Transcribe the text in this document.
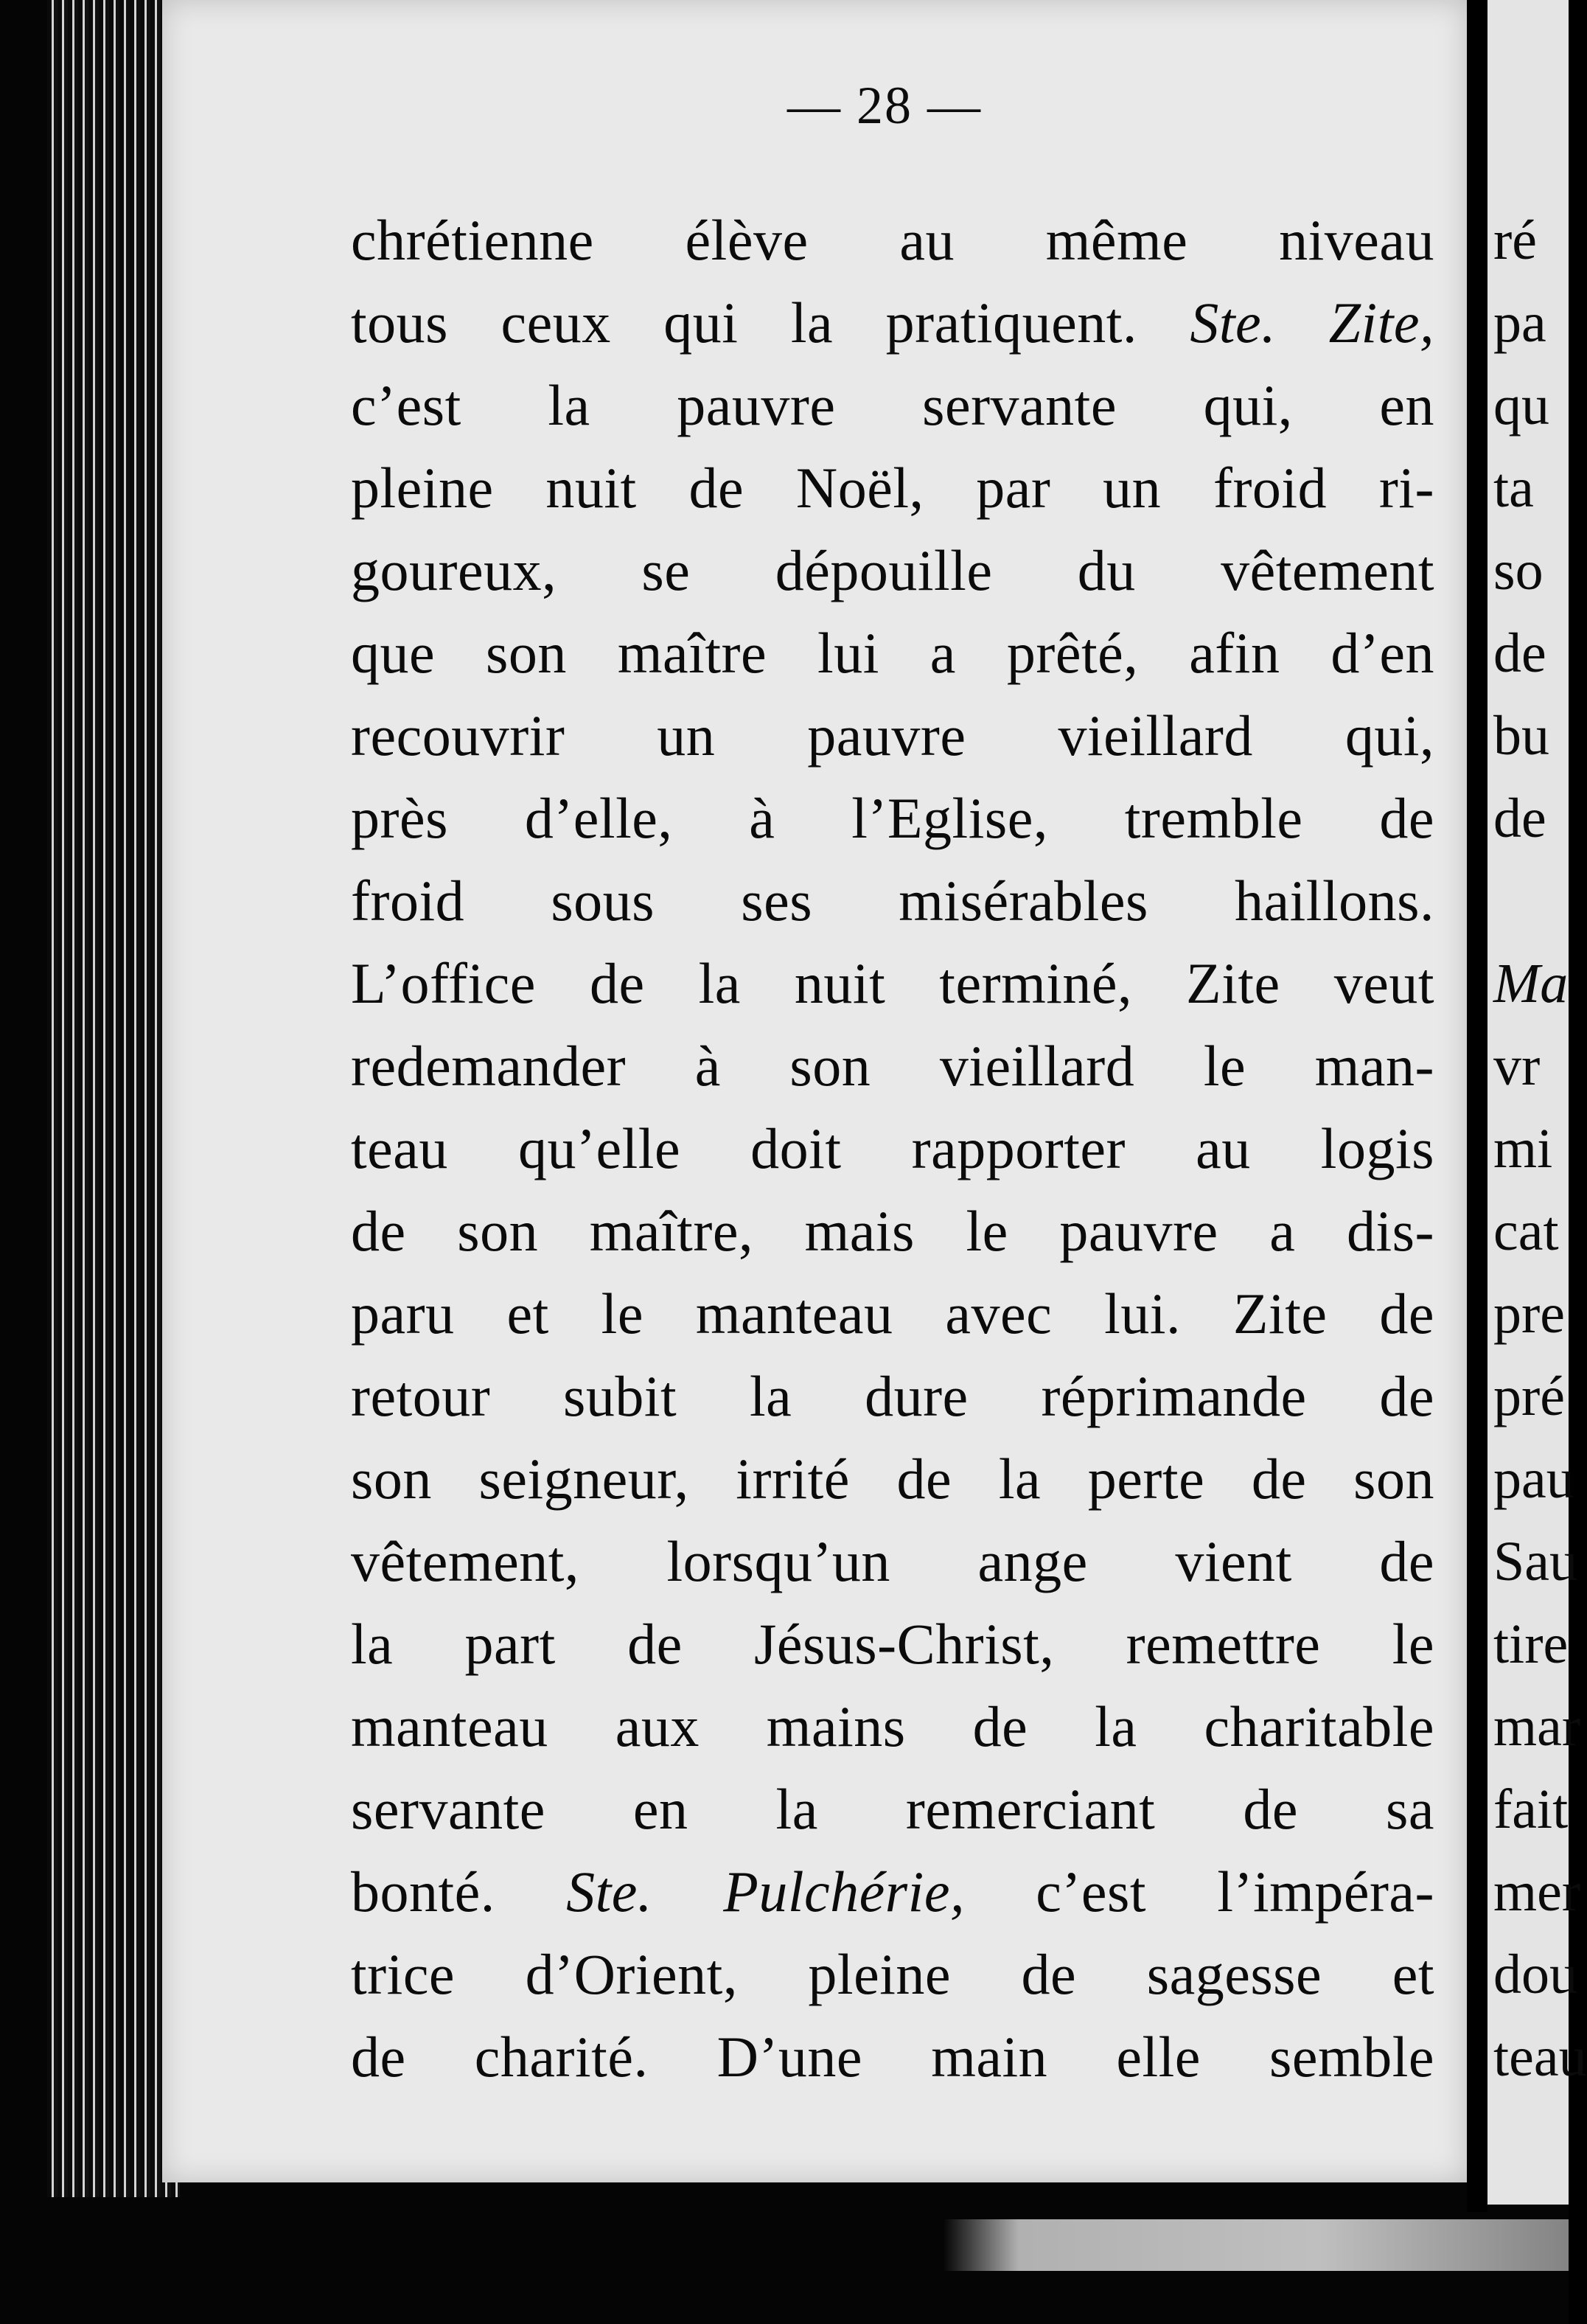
— 28 —
chrétienne élève au même niveau
tous ceux qui la pratiquent. Ste. Zite,
c’est la pauvre servante qui, en
pleine nuit de Noël, par un froid ri-
goureux, se dépouille du vêtement
que son maître lui a prêté, afin d’en
recouvrir un pauvre vieillard qui,
près d’elle, à l’Eglise, tremble de
froid sous ses misérables haillons.
L’office de la nuit terminé, Zite veut
redemander à son vieillard le man-
teau qu’elle doit rapporter au logis
de son maître, mais le pauvre a dis-
paru et le manteau avec lui. Zite de
retour subit la dure réprimande de
son seigneur, irrité de la perte de son
vêtement, lorsqu’un ange vient de
la part de Jésus-Christ, remettre le
manteau aux mains de la charitable
servante en la remerciant de sa
bonté. Ste. Pulchérie, c’est l’impéra-
trice d’Orient, pleine de sagesse et
de charité. D’une main elle semble
ré
pa
qu
ta
so
de
bu
de
Ma
vr
mi
cat
pre
pré
pau
Sau
tire
mar
fait
mer
dou
teau
